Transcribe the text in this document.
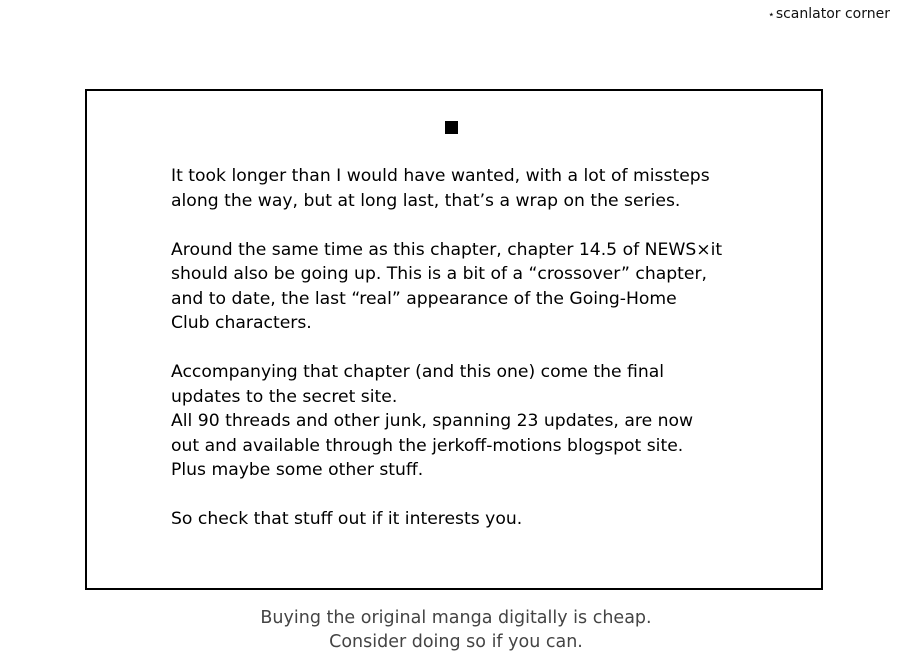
⋆scanlator corner

It took longer than I would have wanted, with a lot of missteps
along the way, but at long last, that’s a wrap on the series.

Around the same time as this chapter, chapter 14.5 of NEWS×it
should also be going up. This is a bit of a “crossover” chapter,
and to date, the last “real” appearance of the Going-Home
Club characters.

Accompanying that chapter (and this one) come the final
updates to the secret site.
All 90 threads and other junk, spanning 23 updates, are now
out and available through the jerkoff-motions blogspot site.
Plus maybe some other stuff.

So check that stuff out if it interests you.

Buying the original manga digitally is cheap.
Consider doing so if you can.
